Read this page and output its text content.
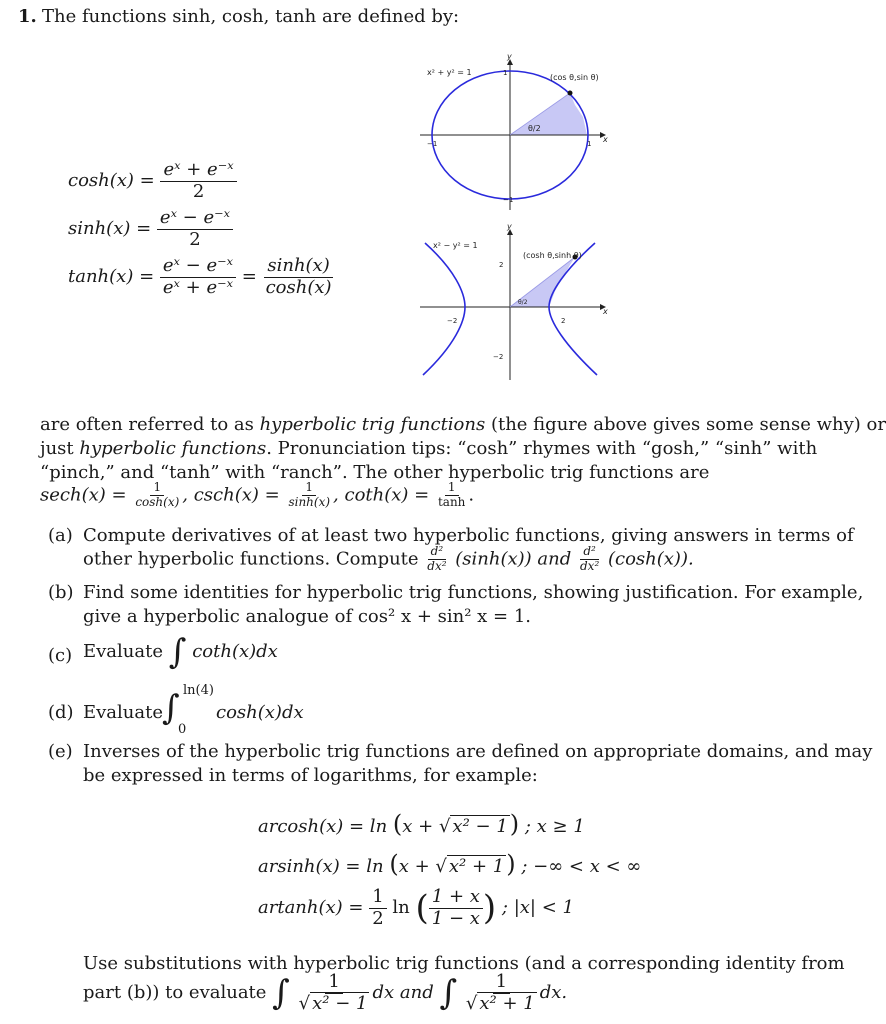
1. The functions sinh, cosh, tanh are defined by:
$\cosh(x) = \frac{\text{eˣ + e⁻ˣ}}{2}$
$\sinh(x) = \frac{\text{eˣ − e⁻ˣ}}{2}$
$\tanh(x) = \frac{\text{eˣ − e⁻ˣ}}{\text{eˣ + e⁻ˣ}} = \frac{\sinh(x)}{\cosh(x)}$
x² + y² = 1
(cos θ,sin θ)
θ/2
x
y
1
−1
1
−1
x² − y² = 1
(cosh θ,sinh θ)
θ/2
x
y
2
−2
2
−2
are often referred to as hyperbolic trig functions (the figure above gives some sense why) or
just hyperbolic functions. Pronunciation tips: “cosh” rhymes with “gosh,” “sinh” with
“pinch,” and “tanh” with “ranch”. The other hyperbolic trig functions are
$\sec h(x) = \frac{1}{\cosh(x)}$ , $\csc h(x) = \frac{1}{\sinh(x)}$ , $\cot h(x) = \frac{1}{\tanh}$ .
(a) Compute derivatives of at least two hyperbolic functions, giving answers in terms of
other hyperbolic functions. Compute $\frac{\text{d²}}{\text{dx²}} (\sinh(x))$ and $\frac{\text{d²}}{\text{dx²}} (\cosh(x))$.
(b) Find some identities for hyperbolic trig functions, showing justification. For example,
give a hyperbolic analogue of cos² x + sin² x = 1.
(c) Evaluate ∫ coth(x)dx
(d) Evaluate
∫ ln(4)
0
cosh(x)dx
(e) Inverses of the hyperbolic trig functions are defined on appropriate domains, and may
be expressed in terms of logarithms, for example:
arcosh(x) = ln (x + √ x² − 1) ; x ≥ 1
arsinh(x) = ln (x + √ x² + 1) ; −∞ < x < ∞
$artanh(x) = \frac{1}{2}$ ln ( $\frac{1 + x}{1 - x}$ ) ; |x| < 1
Use substitutions with hyperbolic trig functions (and a corresponding identity from
part (b)) to evaluate ∫ $\frac{1}{\text{√ x² − 1}}$ dx and ∫ $\frac{1}{\text{√ x² + 1}}$ dx.
